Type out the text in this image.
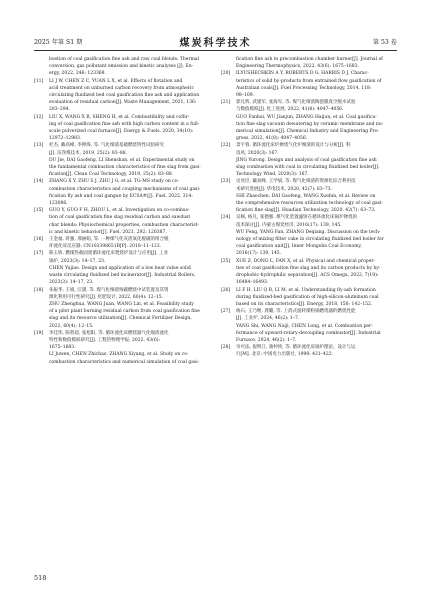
2025 年第 S1 期	煤炭科学技术	第 53 卷
bustion of coal gasification fine ash and raw coal blends: Thermal
conversion, gas pollutant emission and kinetic analyses [J]. En-
ergy, 2022, 246: 123368.
[11] LI J W, CHEN Z C, YUAN L X, et al. Effects of flotation and
acid treatment on unburned carbon recovery from atmospheric
circulating fluidized bed coal gasification fine ash and application
evaluation of residual carbon[J]. Waste Management, 2021, 136:
283–294.
[12] LIU X, WANG X B, SHENG H, et al. Combustibility and coflir-
ing of coal gasification fine ash with high carbon content in a full-
scale pulverized coal furnace[J]. Energy & Fuels, 2020, 34(10):
12972–12983.
[13] 杜杰, 戴高峰, 李伸海, 等. 气化细渣基础燃烧特性试验研究
[J]. 洁净煤技术, 2019, 25(2): 83–88.
DU Jie, DAI Gaofeng, LI Shenshan, et al. Experimental study on
the fundamental combustion characteristics of fine slag from gasi-
fication[J]. Clean Coal Technology, 2019, 25(2): 83–88.
[14] ZHANG X Y, ZHU S J, ZHU J G, et al. TG-MS study on co-
combustion characteristics and coupling mechanisms of coal gasi-
fication fly ash and coal gangue by ECSA®[J]. Fuel, 2022, 314:
123086.
[15] GUO Y, GUO F H, ZHOU L, et al. Investigation on co-combus-
tion of coal gasification fine slag residual carbon and sawdust
char blends: Physiochemical properties, combustion characterist-
ic and kinetic behavior[J]. Fuel, 2021, 292: 120387.
[16] 王金福, 蒋强, 邢丽娟, 等. 一种煤气化灰渣氧化脱碳的组合脱
环流化床反应器: CN103398651B[P]. 2018–11–123.
[17] 陈玉娇. 燃煤热载固废循环流化床焚烧炉设计与应用[J]. 工业
锅炉, 2023(3): 14–17, 23.
CHEN Yujiao. Design and application of a low heat value solid
waste circulating fluidized bed incinerator[J]. Industrial Boilers,
2023(3): 14–17, 23.
[18] 朱振华, 王娟, 汪潇, 等. 煤气化细渣残碳燃烧中试装置及其资
源化利用可行性研究[J]. 化肥设计, 2022, 60(4): 12–15.
ZHU Zhenghua, WANG Juan, WANG Lin, et al. Feasibility study
of a pilot plant burning residual carbon from coal gasification fine
slag and its resource utilization[J]. Chemical Fertilizer Design,
2022, 60(4): 12–15.
[19] 李佳伟, 陈智超, 张旭阳, 等. 循环流化床燃烧器气化细渣流化
特性和数值模拟研究[J]. 工程热物理学报, 2022, 43(6):
1675–1683.
LI Juwen, CHEN Zhichao, ZHANG Xiyang, et al. Study on co-
combustion characteristics and numerical simulation of coal gasi-
fication fine ash in precombustion chamber burner[J]. Journal of
Engineering Thermophysics, 2022, 43(6): 1675–1683.
[20] ILYUSHECHKIN A Y, ROBERTS D G, HARRIS D J. Charac-
teristics of solid by-products from entrained flow gasification of
Australian coals[J]. Fuel Processing Technology, 2014, 118:
98–109.
[21] 郭凡辉, 武建军, 张海军, 等. 煤气化细渣陶瓷膜真空脱水试验
与数值模拟[J]. 化工进展, 2022, 41(8): 4047–4056.
GUO Fanhui, WU Jianjun, ZHANG Haijun, et al. Coal gasifica-
tion fine slag vacuum dewatering by ceramic membrane and nu-
merical simulation[J]. Chemical Industry and Engineering Pro-
gress, 2022, 41(8): 4047–4056.
[22] 景宇蓉. 循环流化床炉掺烧气化炉细渣的设计与分析[J]. 科
技风, 2020(3): 167.
JING Yurong. Design and analysis of coal gasification fine ash
slag combustion with coal in circulating fluidized bed boiler[J].
Technology Wind, 2020(3): 167.
[23] 史亮臣, 戴高峰, 王学斌, 等. 煤气化细渣的资源化综合利用技
术研究进展[J]. 华电技术, 2020, 42(7): 63–73.
SHI Zhaochen, DAI Gaofeng, WANG Xuebin, et al. Review on
the comprehensive resources utilization technology of coal gasi-
fication fine slag[J]. Huadian Technology, 2020, 42(7): 63–73.
[24] 吴枫, 杨凡, 张德强. 煤气化装置滤饼在循环流化床锅炉掺烧的
技术探讨[J]. 内蒙古煤炭经济, 2016(17): 139, 145.
WU Feng, YANG Fan, ZHANG Deqiang. Discussion on the tech-
nology of mixing filter cake in circulating fluidized bed boiler for
coal gasification unit[J]. Inner Mongolia Coal Economy,
2016(17): 139, 145.
[25] XUE Z, DONG L, FAN X, et al. Physical and chemical proper-
ties of coal gasification fine slag and its carbon products by hy-
drophobic-hydrophilic separation[J]. ACS Omega, 2022, 7(19):
16484–16493.
[26] LI F H, LIU Q R, LI M, et al. Understanding fly-ash formation
during fluidized-bed gasification of high-silicon-aluminum coal
based on its characteristics[J]. Energy, 2018, 150: 142–152.
[27] 杨石, 王乃继, 龚璐, 等. 上消式旋转煤粉锅燃烧器的燃烧性能
[J]. 工业炉, 2024, 46(2): 1–7.
YANG Shi, WANG Naiji, CHEN Long, et al. Combustion per-
formance of upward-rotary-decoupling combustor[J]. Industrial
Furnace, 2024, 46(2): 1–7.
[28] 岑可法, 倪明江, 骆仲泱, 等. 循环流化床锅炉理论、设计与运
行[M]. 北京: 中国电力出版社, 1998: 421–422.
518
